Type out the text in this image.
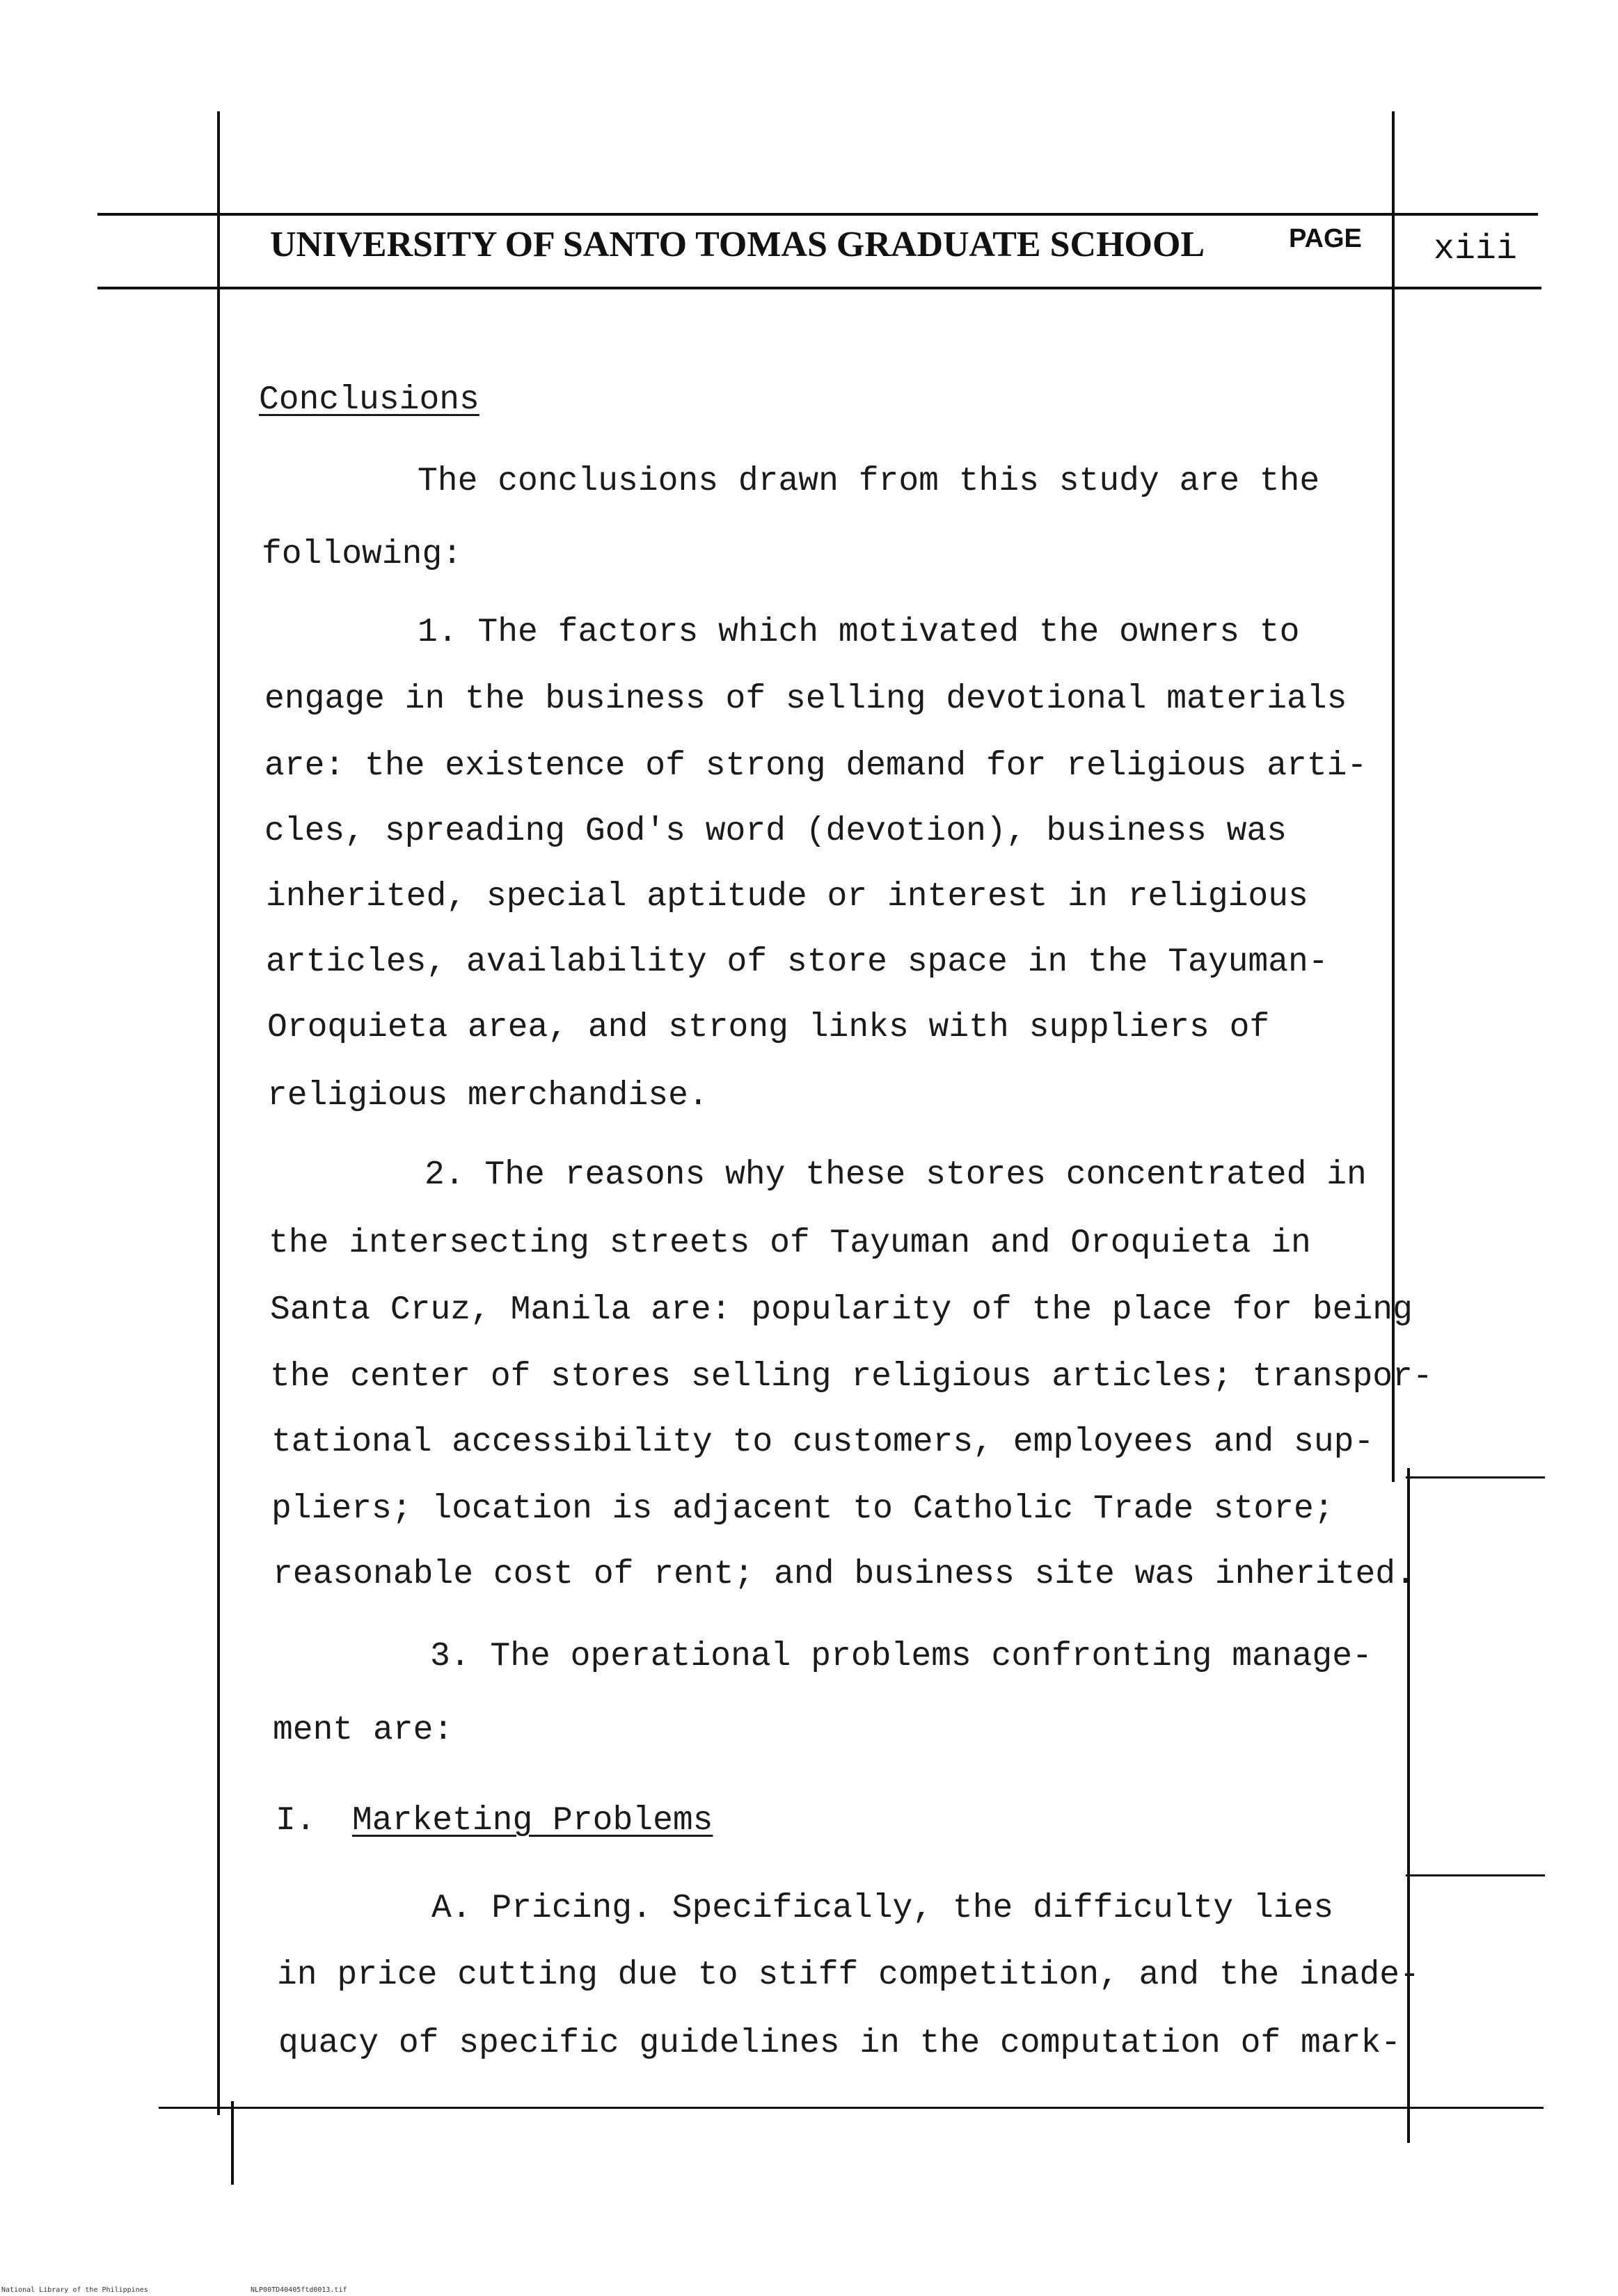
UNIVERSITY OF SANTO TOMAS GRADUATE SCHOOL	PAGE xiii
Conclusions
The conclusions drawn from this study are the
following:
1. The factors which motivated the owners to
engage in the business of selling devotional materials
are: the existence of strong demand for religious arti-
cles, spreading God's word (devotion), business was
inherited, special aptitude or interest in religious
articles, availability of store space in the Tayuman-
Oroquieta area, and strong links with suppliers of
religious merchandise.
2. The reasons why these stores concentrated in
the intersecting streets of Tayuman and Oroquieta in
Santa Cruz, Manila are: popularity of the place for being
the center of stores selling religious articles; transpor-
tational accessibility to customers, employees and sup-
pliers; location is adjacent to Catholic Trade store;
reasonable cost of rent; and business site was inherited.
3. The operational problems confronting manage-
ment are:
I. Marketing Problems
A. Pricing. Specifically, the difficulty lies
in price cutting due to stiff competition, and the inade-
quacy of specific guidelines in the computation of mark-
National Library of the Philippines	NLP00TD40405ftd0013.tif
